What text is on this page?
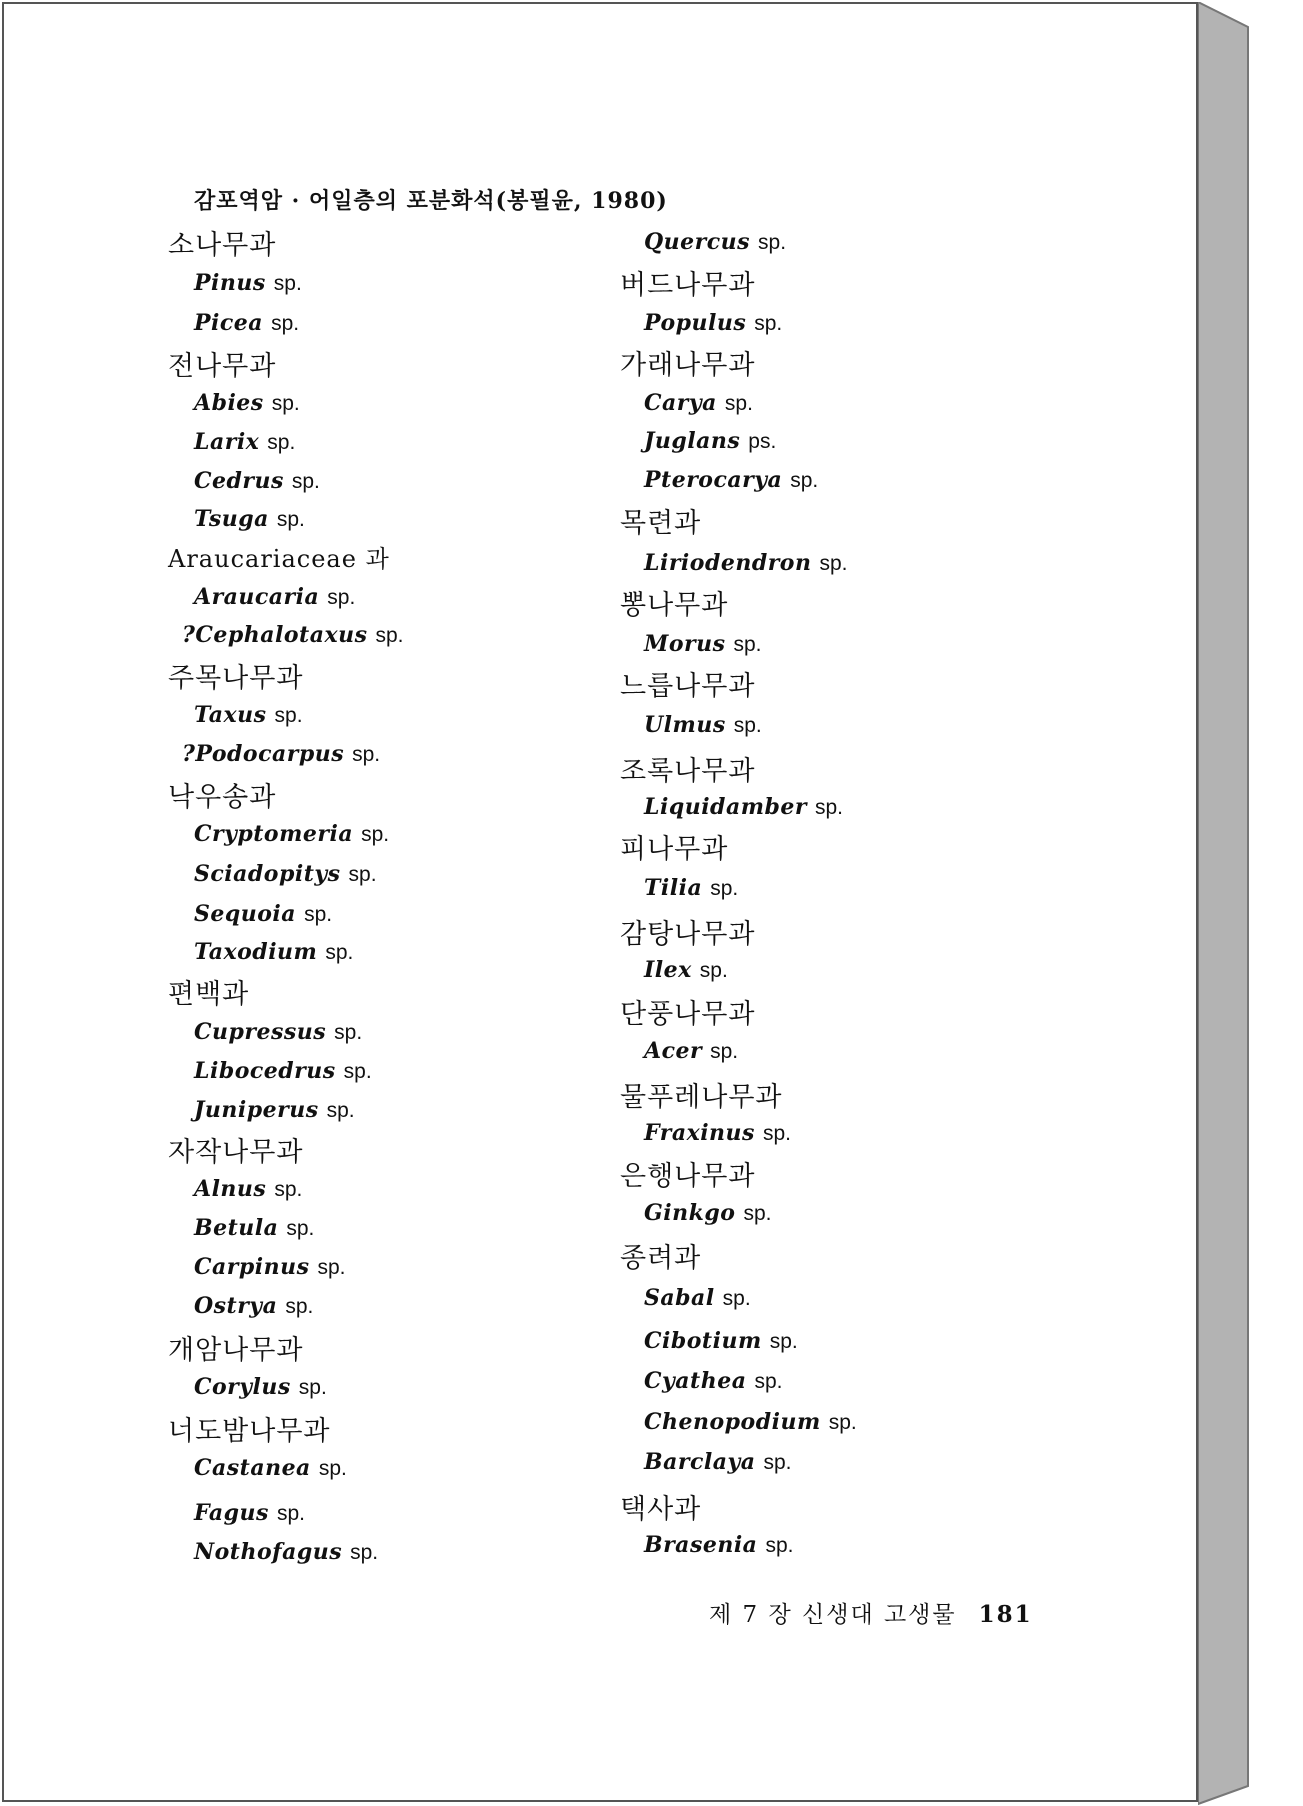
감포역암 · 어일층의 포분화석(봉필윤, 1980)
소나무과
Pinus sp.
Picea sp.
전나무과
Abies sp.
Larix sp.
Cedrus sp.
Tsuga sp.
Araucariaceae 과
Araucaria sp.
?Cephalotaxus sp.
주목나무과
Taxus sp.
?Podocarpus sp.
낙우송과
Cryptomeria sp.
Sciadopitys sp.
Sequoia sp.
Taxodium sp.
편백과
Cupressus sp.
Libocedrus sp.
Juniperus sp.
자작나무과
Alnus sp.
Betula sp.
Carpinus sp.
Ostrya sp.
개암나무과
Corylus sp.
너도밤나무과
Castanea sp.
Fagus sp.
Nothofagus sp.
Quercus sp.
버드나무과
Populus sp.
가래나무과
Carya sp.
Juglans ps.
Pterocarya sp.
목련과
Liriodendron sp.
뽕나무과
Morus sp.
느릅나무과
Ulmus sp.
조록나무과
Liquidamber sp.
피나무과
Tilia sp.
감탕나무과
Ilex sp.
단풍나무과
Acer sp.
물푸레나무과
Fraxinus sp.
은행나무과
Ginkgo sp.
종려과
Sabal sp.
Cibotium sp.
Cyathea sp.
Chenopodium sp.
Barclaya sp.
택사과
Brasenia sp.
제 7 장 신생대 고생물 181
